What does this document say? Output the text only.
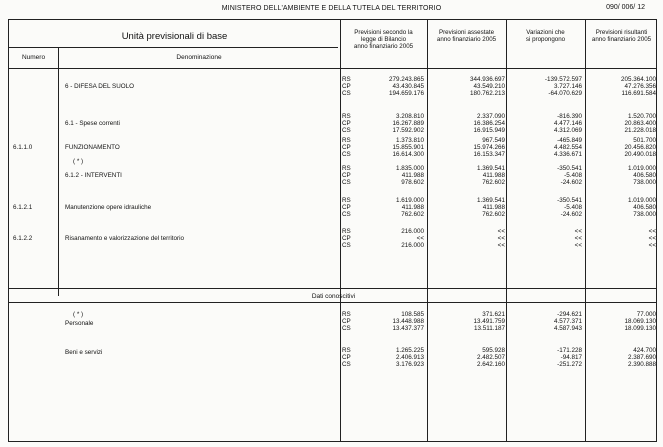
MINISTERO DELL'AMBIENTE E DELLA TUTELA DEL TERRITORIO	090/ 006/ 12
Unità previsionali di base
Numero	Denominazione
Previsioni secondo la
legge di Bilancio
anno finanziario 2005
Previsioni assestate
anno finanziario 2005
Variazioni che
si propongono
Previsioni risultanti
anno finanziario 2005
Dati conoscitivi
6 - DIFESA DEL SUOLO
RS	279.243.865	344.936.697	-139.572.597	205.364.100
CP	43.430.845	43.549.210	3.727.146	47.276.356
CS	194.659.176	180.762.213	-64.070.629	116.691.584
6.1 - Spese correnti
RS	3.208.810	2.337.090	-816.390	1.520.700
CP	16.267.889	16.386.254	4.477.146	20.863.400
CS	17.592.902	16.915.949	4.312.069	21.228.018
6.1.1.0	FUNZIONAMENTO
( * )
RS	1.373.810	967.549	-465.849	501.700
CP	15.855.901	15.974.266	4.482.554	20.456.820
CS	16.614.300	16.153.347	4.336.671	20.490.018
6.1.2 - INTERVENTI
RS	1.835.000	1.369.541	-350.541	1.019.000
CP	411.988	411.988	-5.408	406.580
CS	978.602	762.602	-24.602	738.000
6.1.2.1	Manutenzione opere idrauliche
RS	1.619.000	1.369.541	-350.541	1.019.000
CP	411.988	411.988	-5.408	406.580
CS	762.602	762.602	-24.602	738.000
6.1.2.2	Risanamento e valorizzazione del territorio
RS	216.000	<<	<<	<<
CP	<<	<<	<<	<<
CS	216.000	<<	<<	<<
( * )	RS	108.585	371.621	-294.621	77.000
Personale	CP	13.448.988	13.491.759	4.577.371	18.069.130
CS	13.437.377	13.511.187	4.587.943	18.099.130
Beni e servizi	RS	1.265.225	595.928	-171.228	424.700
CP	2.406.913	2.482.507	-94.817	2.387.690
CS	3.176.923	2.642.160	-251.272	2.390.888
